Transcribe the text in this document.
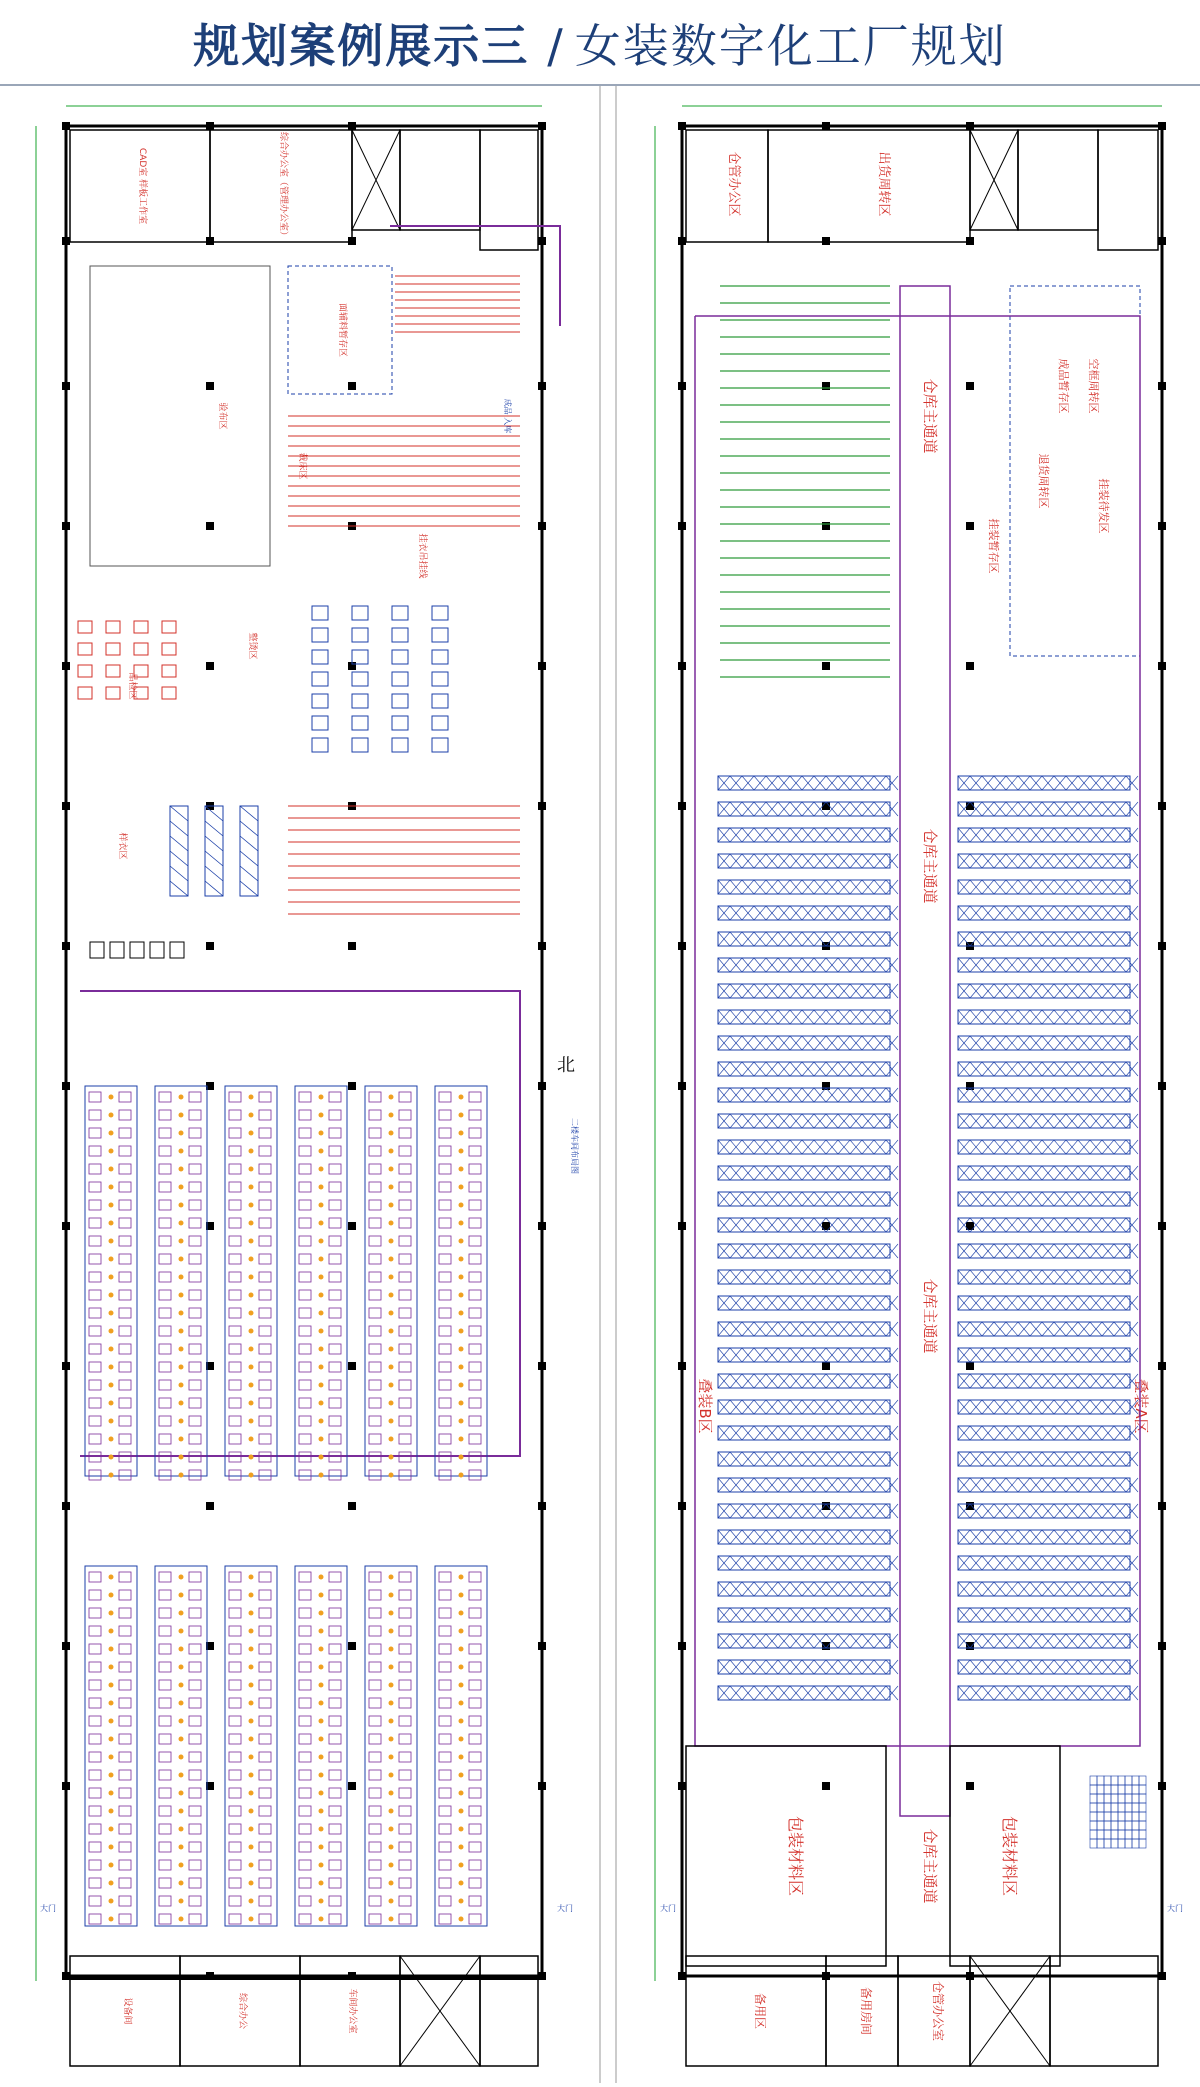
规划案例展示三 / 女装数字化工厂规划
CAD室 样板工作室	综合办公室（管理办公室）
验布区
面辅料暂存区
裁床区
整烫区
品检区
样衣区
挂衣吊挂线
北
二楼车间布局图
成品 入库
设备间	综合办公	车间办公室
大门	大门
仓管办公区	出货周转区
成品暂存区
退货周转区	挂装待发区
挂装暂存区
空框周转区
仓库主通道
仓库主通道
仓库主通道
仓库主通道
叠装B区	叠装A区
包装材料区	包装材料区
备用区	备用房间	仓管办公室
大门	大门
